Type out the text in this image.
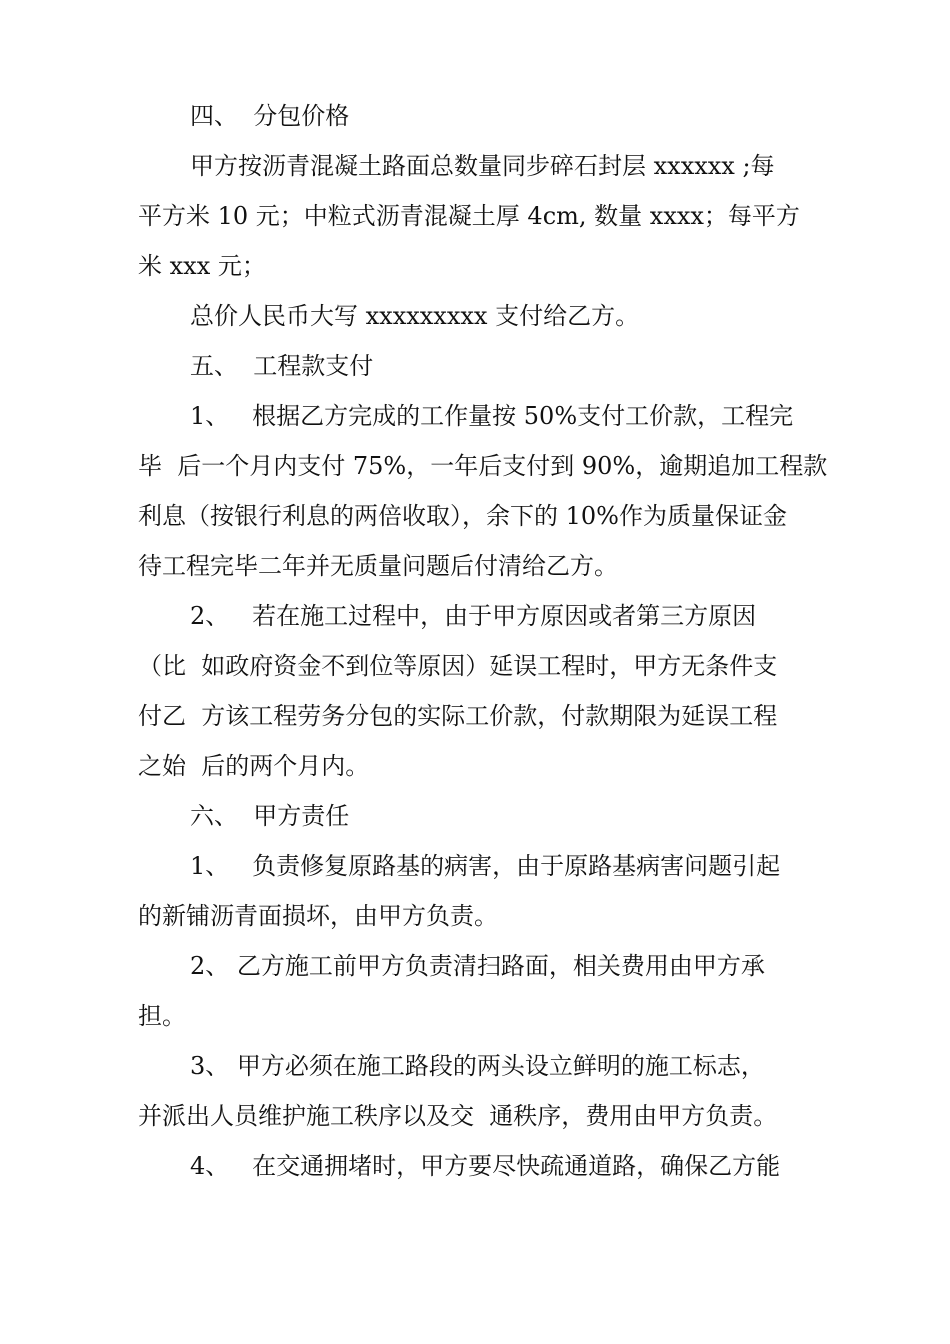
四、  分包价格

甲方按沥青混凝土路面总数量同步碎石封层 xxxxxx ;每

平方米 10 元；中粒式沥青混凝土厚 4cm, 数量 xxxx；每平方

米 xxx 元；

总价人民币大写 xxxxxxxxx 支付给乙方。

五、  工程款支付

1、   根据乙方完成的工作量按 50%支付工价款，工程完

毕  后一个月内支付 75%，一年后支付到 90%，逾期追加工程款

利息（按银行利息的两倍收取），余下的 10%作为质量保证金

待工程完毕二年并无质量问题后付清给乙方。

2、   若在施工过程中，由于甲方原因或者第三方原因

（比  如政府资金不到位等原因）延误工程时，甲方无条件支

付乙  方该工程劳务分包的实际工价款，付款期限为延误工程

之始  后的两个月内。

六、  甲方责任

1、   负责修复原路基的病害，由于原路基病害问题引起

的新铺沥青面损坏，由甲方负责。

2、 乙方施工前甲方负责清扫路面，相关费用由甲方承

担。

3、 甲方必须在施工路段的两头设立鲜明的施工标志，

并派出人员维护施工秩序以及交  通秩序，费用由甲方负责。

4、   在交通拥堵时，甲方要尽快疏通道路，确保乙方能
